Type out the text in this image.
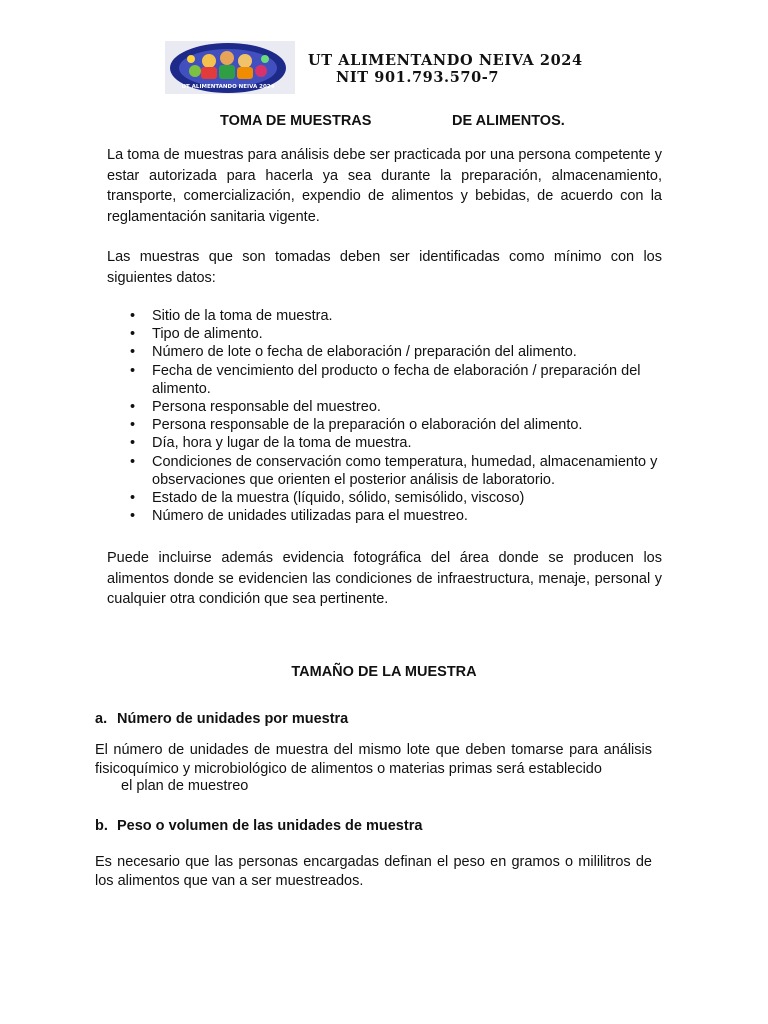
UT ALIMENTANDO NEIVA 2024
UT ALIMENTANDO NEIVA 2024
NIT 901.793.570-7
TOMA DE MUESTRAS	DE ALIMENTOS.

La toma de muestras para análisis debe ser practicada por una persona competente y estar autorizada para hacerla ya sea durante la preparación, almacenamiento, transporte, comercialización, expendio de alimentos y bebidas, de acuerdo con la reglamentación sanitaria vigente.

Las muestras que son tomadas deben ser identificadas como mínimo con los siguientes datos:

• Sitio de la toma de muestra.
• Tipo de alimento.
• Número de lote o fecha de elaboración / preparación del alimento.
• Fecha de vencimiento del producto o fecha de elaboración / preparación del alimento.
• Persona responsable del muestreo.
• Persona responsable de la preparación o elaboración del alimento.
• Día, hora y lugar de la toma de muestra.
• Condiciones de conservación como temperatura, humedad, almacenamiento y observaciones que orienten el posterior análisis de laboratorio.
• Estado de la muestra (líquido, sólido, semisólido, viscoso)
• Número de unidades utilizadas para el muestreo.

Puede incluirse además evidencia fotográfica del área donde se producen los alimentos donde se evidencien las condiciones de infraestructura, menaje, personal y cualquier otra condición que sea pertinente.

TAMAÑO DE LA MUESTRA
a. Número de unidades por muestra

El número de unidades de muestra del mismo lote que deben tomarse para análisis fisicoquímico y microbiológico de alimentos o materias primas será establecido

el plan de muestreo
b. Peso o volumen de las unidades de muestra

Es necesario que las personas encargadas definan el peso en gramos o mililitros de los alimentos que van a ser muestreados.
